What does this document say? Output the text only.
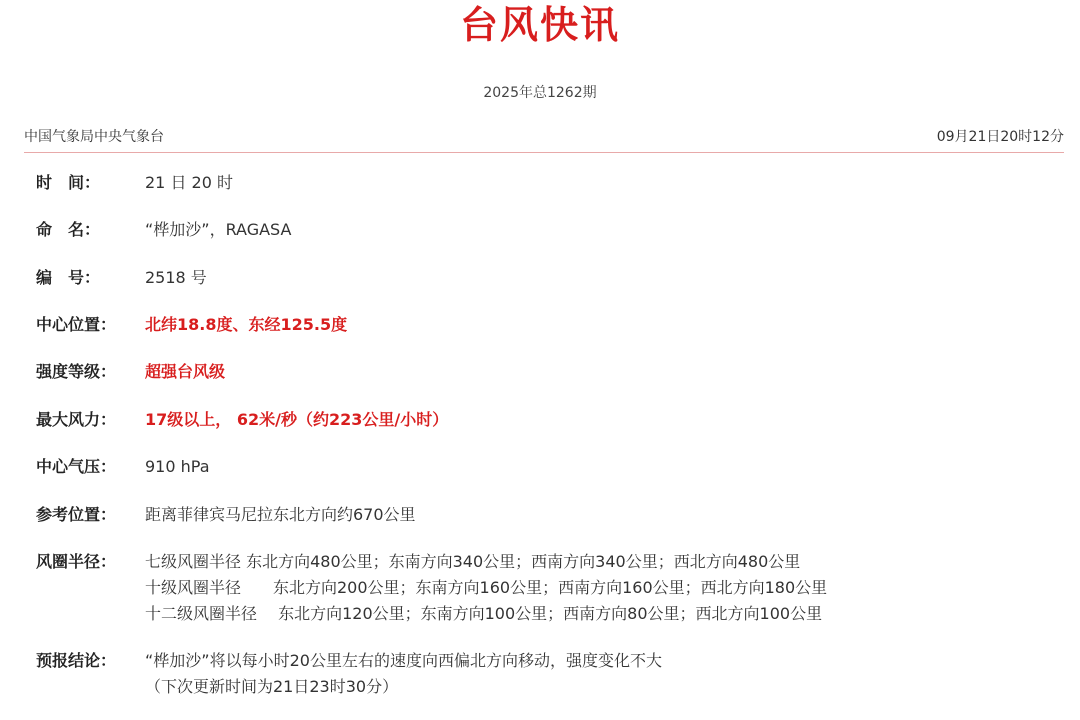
台风快讯
2025年总1262期
中国气象局中央气象台	09月21日20时12分
时　间：	21 日 20 时
命　名：	“桦加沙”，RAGASA
编　号：	2518 号
中心位置：	北纬18.8度、东经125.5度
强度等级：	超强台风级
最大风力：	17级以上， 62米/秒（约223公里/小时）
中心气压：	910 hPa
参考位置：	距离菲律宾马尼拉东北方向约670公里
风圈半径：	七级风圈半径 东北方向480公里；东南方向340公里；西南方向340公里；西北方向480公里
十级风圈半径　　东北方向200公里；东南方向160公里；西南方向160公里；西北方向180公里
十二级风圈半径　 东北方向120公里；东南方向100公里；西南方向80公里；西北方向100公里
预报结论：	“桦加沙”将以每小时20公里左右的速度向西偏北方向移动，强度变化不大
（下次更新时间为21日23时30分）
